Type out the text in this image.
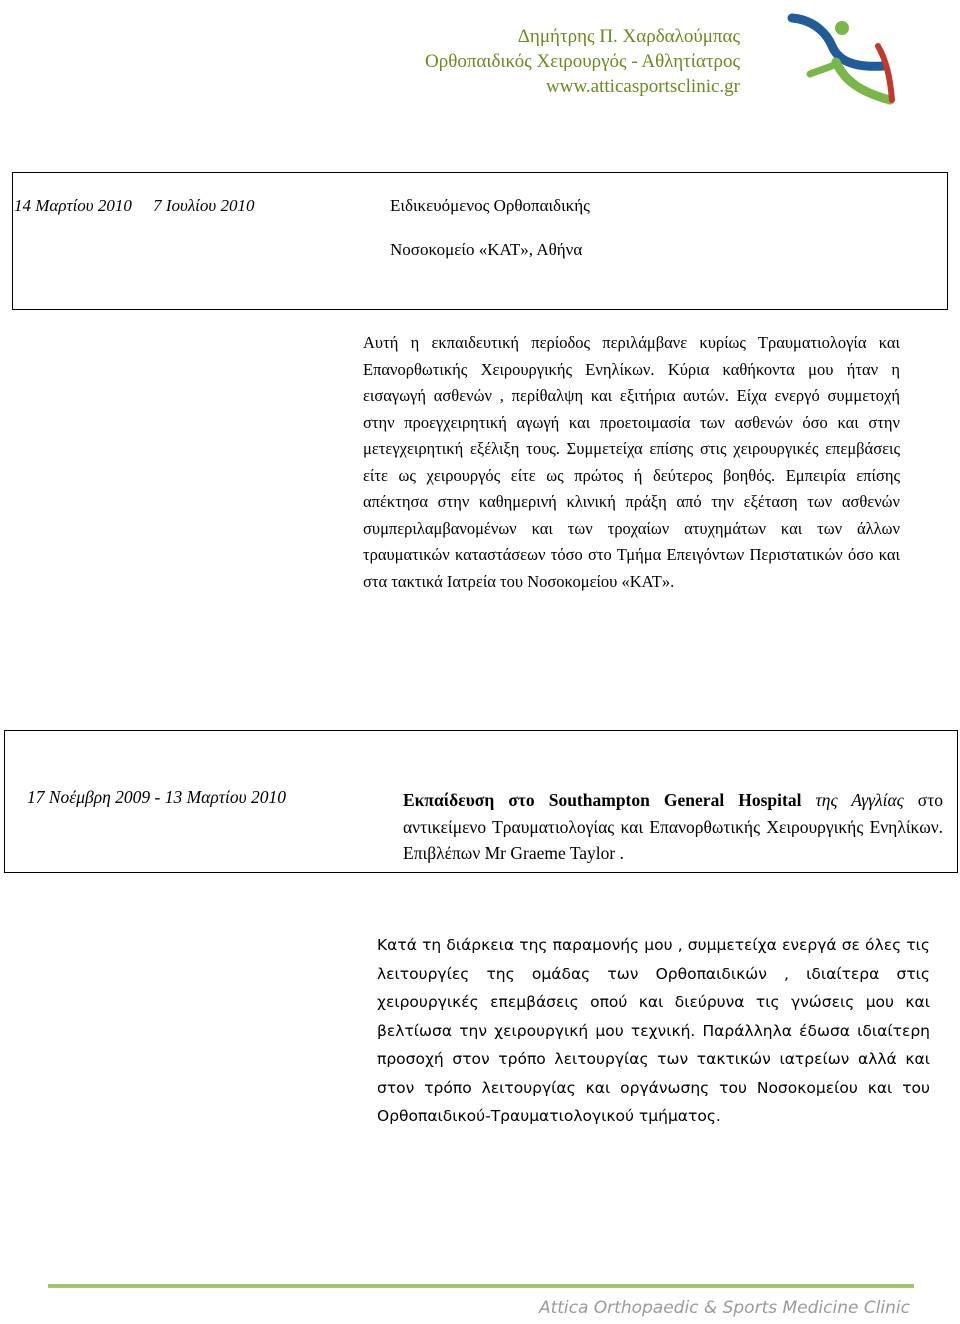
Δημήτρης Π. Χαρδαλούμπας
Ορθοπαιδικός Χειρουργός - Αθλητίατρος
www.atticasportsclinic.gr
14 Μαρτίου 2010     7 Ιουλίου 2010	Ειδικευόμενος Ορθοπαιδικής
Νοσοκομείο «ΚΑΤ», Αθήνα
Αυτή η εκπαιδευτική περίοδος περιλάμβανε κυρίως Τραυματιολογία και Επανορθωτικής Χειρουργικής Ενηλίκων. Κύρια καθήκοντα μου ήταν η εισαγωγή ασθενών , περίθαλψη και εξιτήρια αυτών. Είχα ενεργό συμμετοχή στην προεγχειρητική αγωγή και προετοιμασία των ασθενών όσο και στην μετεγχειρητική εξέλιξη τους. Συμμετείχα επίσης στις χειρουργικές επεμβάσεις είτε ως χειρουργός είτε ως πρώτος ή δεύτερος βοηθός. Εμπειρία επίσης απέκτησα στην καθημερινή κλινική πράξη από την εξέταση των ασθενών συμπεριλαμβανομένων και των τροχαίων ατυχημάτων και των άλλων τραυματικών καταστάσεων τόσο στο Τμήμα Επειγόντων Περιστατικών όσο και στα τακτικά Ιατρεία του Νοσοκομείου «ΚΑΤ».
17 Νοέμβρη 2009 - 13 Μαρτίου 2010	Εκπαίδευση στο Southampton General Hospital της Αγγλίας στο αντικείμενο Τραυματιολογίας και Επανορθωτικής Χειρουργικής Ενηλίκων. Επιβλέπων Mr Graeme Taylor .
Κατά τη διάρκεια της παραμονής μου , συμμετείχα ενεργά σε όλες τις λειτουργίες της ομάδας των Ορθοπαιδικών , ιδιαίτερα στις χειρουργικές επεμβάσεις οπού και διεύρυνα τις γνώσεις μου και βελτίωσα την χειρουργική μου τεχνική. Παράλληλα έδωσα ιδιαίτερη προσοχή στον τρόπο λειτουργίας των τακτικών ιατρείων αλλά και στον τρόπο λειτουργίας και οργάνωσης του Νοσοκομείου και του Ορθοπαιδικού-Τραυματιολογικού τμήματος.
Attica Orthopaedic & Sports Medicine Clinic
